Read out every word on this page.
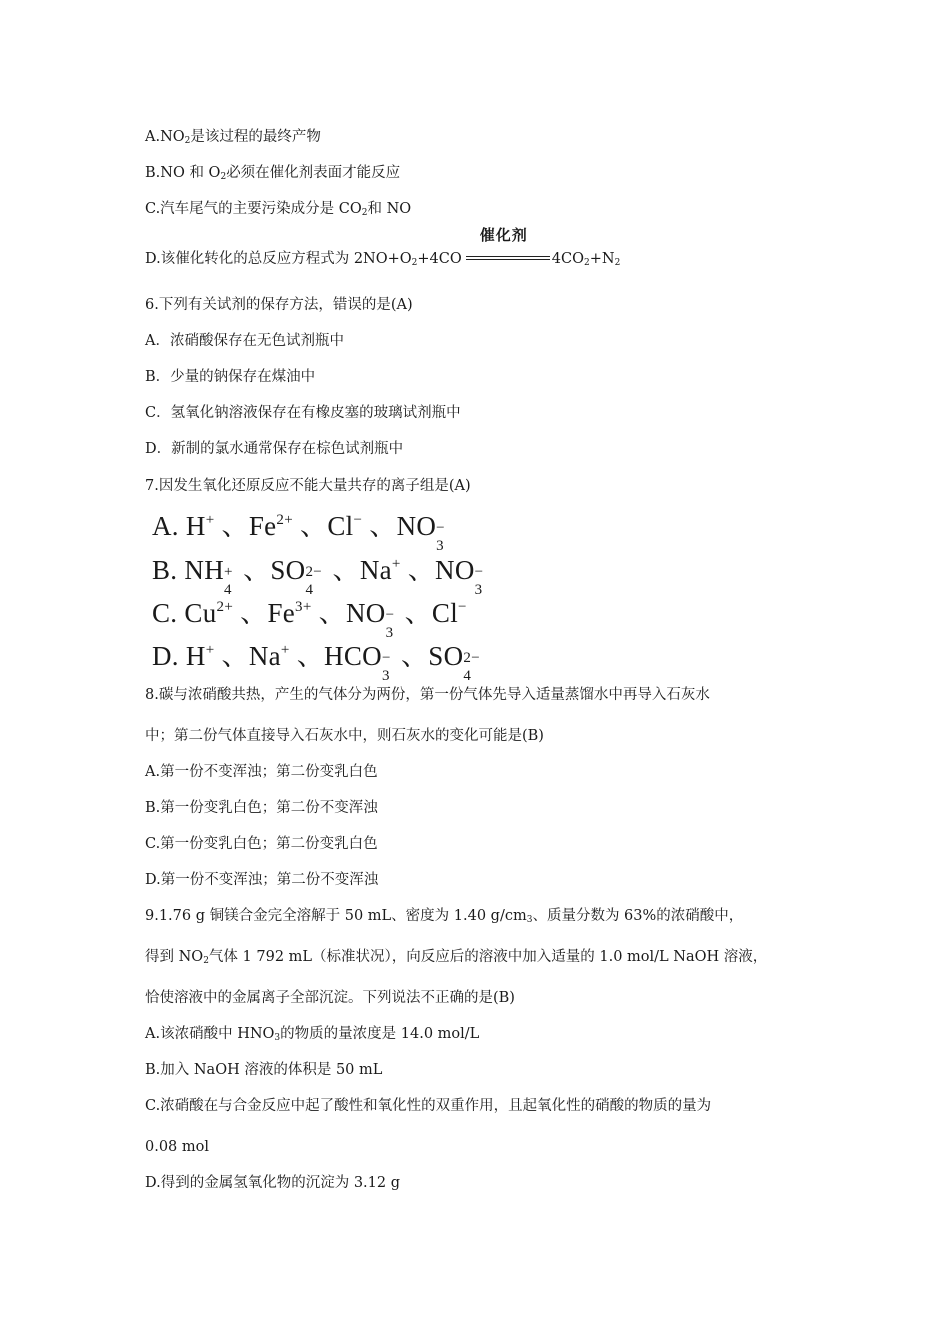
$A.NO_2$是该过程的最终产物
B.NO 和 $O_2$必须在催化剂表面才能反应
C.汽车尾气的主要污染成分是 $CO_2$和 NO
D.该催化转化的总反应方程式为 $2NO+O_2+4CO$
催化剂
$4CO_2+N_2$
6.下列有关试剂的保存方法，错误的是(A)
A．浓硝酸保存在无色试剂瓶中
B．少量的钠保存在煤油中
C．氢氧化钠溶液保存在有橡皮塞的玻璃试剂瓶中
D．新制的氯水通常保存在棕色试剂瓶中
7.因发生氧化还原反应不能大量共存的离子组是(A)
A. H+ 、$Fe^{2+}$ 、Cl− 、NO −
3
B. NH +
4
、SO 2−
4
、Na+ 、NO −
3
C. $Cu^{2+}$ 、$Fe^{3+}$ 、NO −
3
、Cl−
D. H+ 、Na+ 、HCO −
3
、SO 2−
4
8.碳与浓硝酸共热，产生的气体分为两份，第一份气体先导入适量蒸馏水中再导入石灰水
中；第二份气体直接导入石灰水中，则石灰水的变化可能是(B)
A.第一份不变浑浊；第二份变乳白色
B.第一份变乳白色；第二份不变浑浊
C.第一份变乳白色；第二份变乳白色
D.第一份不变浑浊；第二份不变浑浊
9.1.76 g 铜镁合金完全溶解于 50 mL、密度为 1.40 $g/cm_3$、质量分数为 63%的浓硝酸中，
得到 $NO_2$气体 1 792 mL（标准状况），向反应后的溶液中加入适量的 1.0 mol/L NaOH 溶液，
恰使溶液中的金属离子全部沉淀。下列说法不正确的是(B)
A.该浓硝酸中 $HNO_3$的物质的量浓度是 14.0 mol/L
B.加入 NaOH 溶液的体积是 50 mL
C.浓硝酸在与合金反应中起了酸性和氧化性的双重作用，且起氧化性的硝酸的物质的量为
0.08 mol
D.得到的金属氢氧化物的沉淀为 3.12 g
